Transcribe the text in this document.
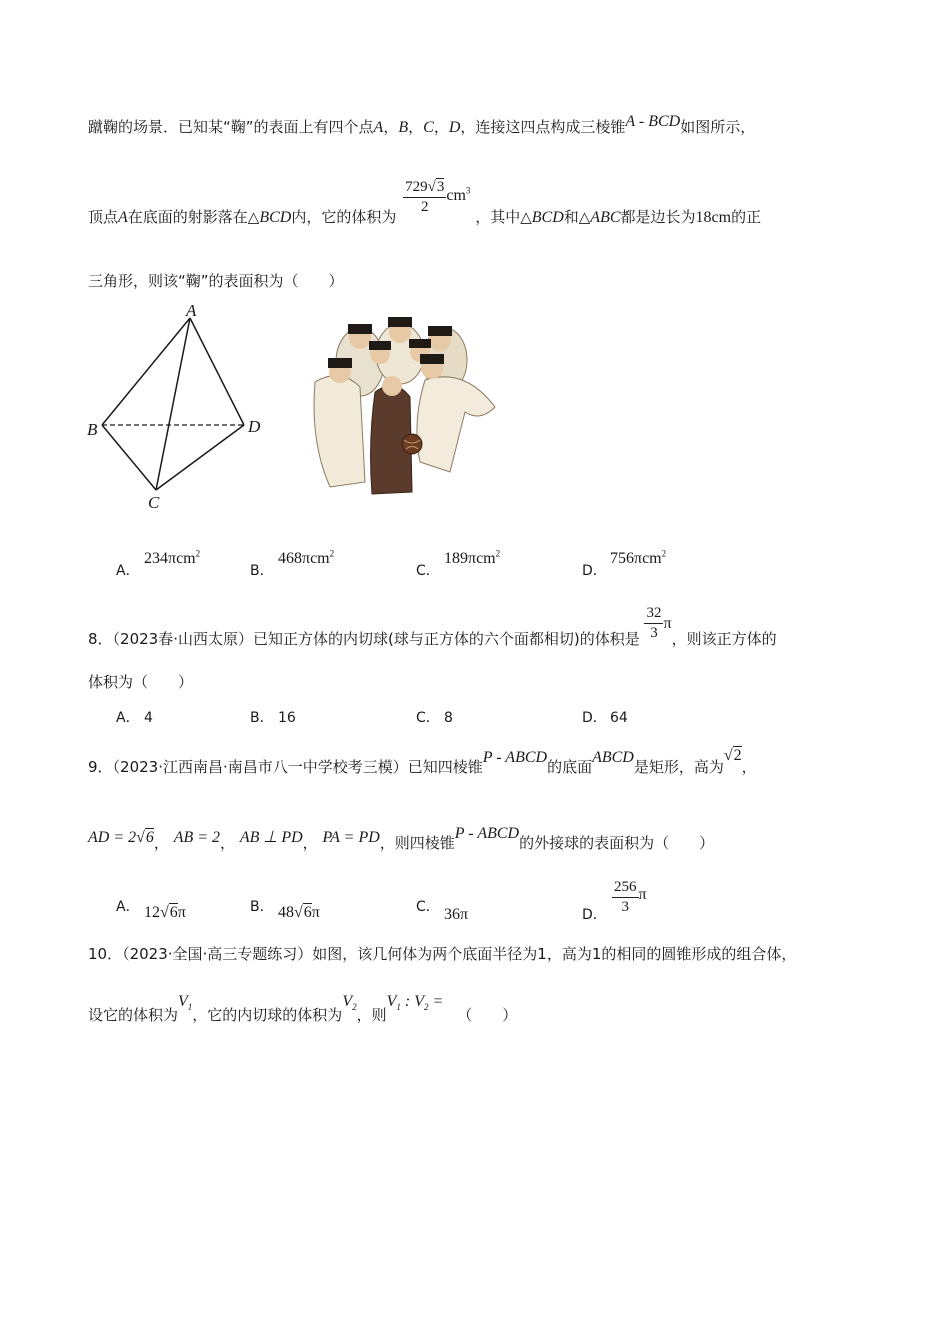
蹴鞠的场景．已知某“鞠”的表面上有四个点A，B，C，D，连接这四点构成三棱锥A - BCD如图所示，
顶点A在底面的射影落在△BCD内，它的体积为
$\frac{729√3}{2} cm^3$ ，其中△BCD和△ABC都是边长为18cm的正
三角形，则该“鞠”的表面积为（　　）
A
B
C
D
A．234πcm$^2$
B．468πcm$^2$
C．189πcm$^2$
D．756πcm$^2$
8．（2023春·山西太原）已知正方体的内切球(球与正方体的六个面都相切)的体积是 $\frac{32}{3}$ π，则该正方体的
体积为（　　）
A． 4	B． 16	C． 8	D． 64
9．（2023·江西南昌·南昌市八一中学校考三模）已知四棱锥P - ABCD的底面ABCD是矩形，高为√2，
AD = 2√6， AB = 2， AB ⊥ PD， PA = PD，则四棱锥P - ABCD的外接球的表面积为（　　）
A． 12√6π	B． 48√6π	C． 36π	D． $\frac{256}{3}$ π
10．（2023·全国·高三专题练习）如图，该几何体为两个底面半径为1，高为1的相同的圆锥形成的组合体，
设它的体积为$V_1$，它的内切球的体积为$V_2$，则$V_1$ : $V_2$ =（　　）
